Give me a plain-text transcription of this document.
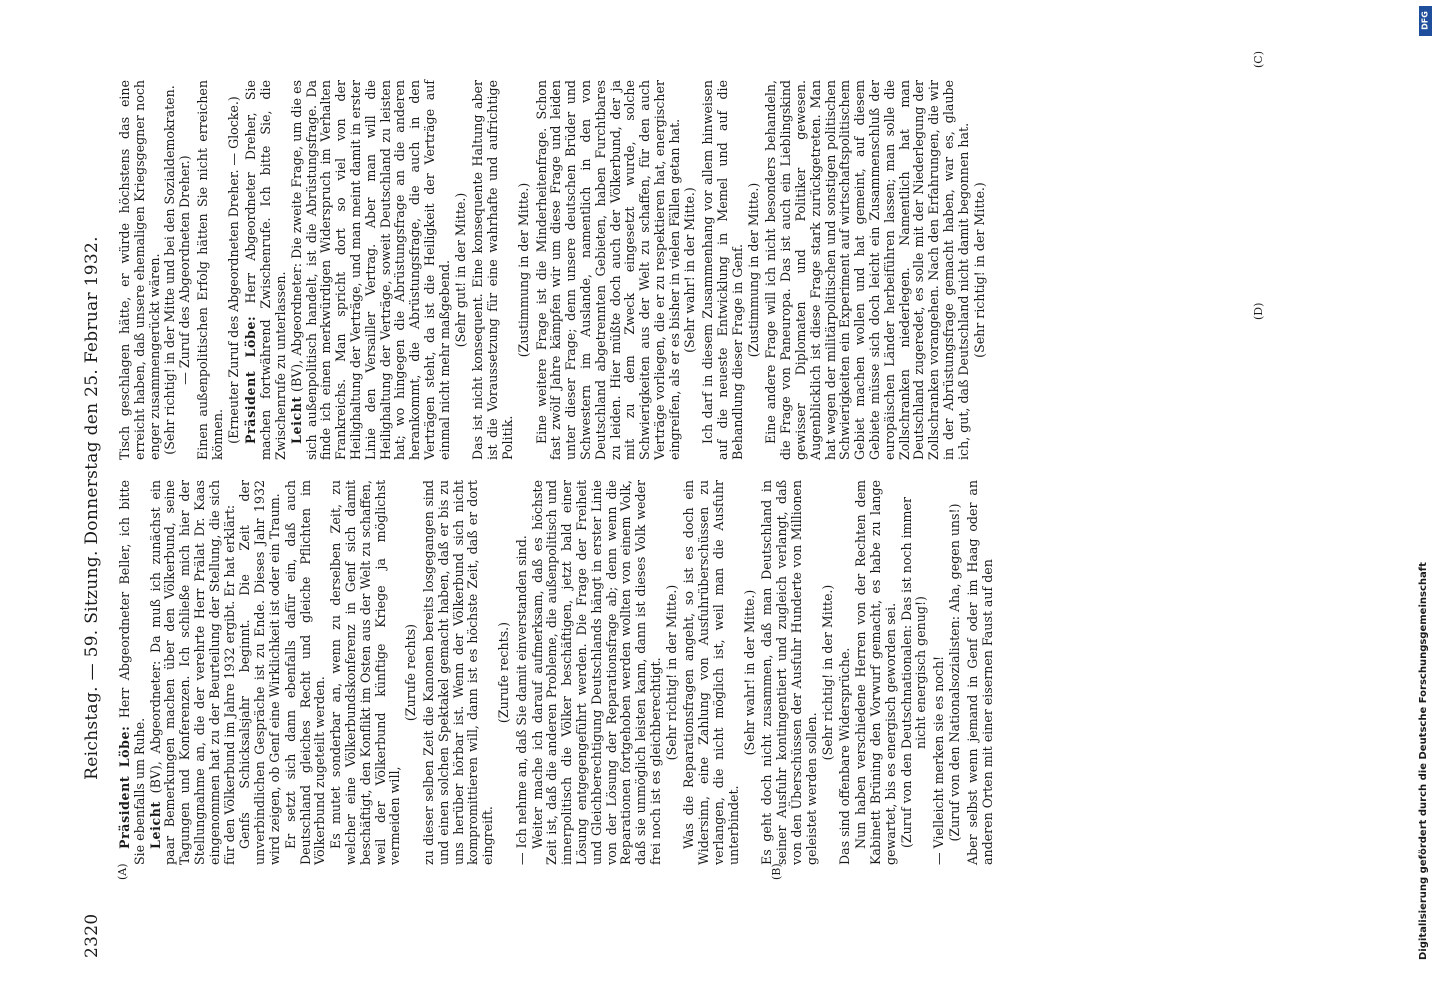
2320
Reichstag. — 59. Sitzung. Donnerstag den 25. Februar 1932.
(A)	(B)
(C)
(D)

Präsident Löbe: Herr Abgeordneter Beller, ich bitte Sie ebenfalls um Ruhe. Leicht (BV), Abgeordneter: Da muß ich zunächst ein paar Bemerkungen machen über den Völkerbund, seine Tagungen und Konferenzen. Ich schließe mich hier der Stellungnahme an, die der verehrte Herr Prälat Dr. Kaas eingenommen hat zu der Beurteilung der Stellung, die sich für den Völkerbund im Jahre 1932 ergibt. Er hat erklärt: Genfs Schicksalsjahr beginnt. Die Zeit der unverbindlichen Gespräche ist zu Ende. Dieses Jahr 1932 wird zeigen, ob Genf eine Wirklichkeit ist oder ein Traum. Er setzt sich dann ebenfalls dafür ein, daß auch Deutschland gleiches Recht und gleiche Pflichten im Völkerbund zugeteilt werden. Es mutet sonderbar an, wenn zu derselben Zeit, zu welcher eine Völkerbundskonferenz in Genf sich damit beschäftigt, den Konflikt im Osten aus der Welt zu schaffen, weil der Völkerbund künftige Kriege ja möglichst vermeiden will,

(Zurufe rechts) zu dieser selben Zeit die Kanonen bereits losgegangen sind und einen solchen Spektakel gemacht haben, daß er bis zu uns herüber hörbar ist. Wenn der Völkerbund sich nicht kompromittieren will, dann ist es höchste Zeit, daß er dort eingreift.

(Zurufe rechts.) — Ich nehme an, daß Sie damit einverstanden sind. Weiter mache ich darauf aufmerksam, daß es höchste Zeit ist, daß die anderen Probleme, die außenpolitisch und innerpolitisch die Völker beschäftigen, jetzt bald einer Lösung entgegengeführt werden. Die Frage der Freiheit und Gleichberechtigung Deutschlands hängt in erster Linie von der Lösung der Reparationsfrage ab; denn wenn die Reparationen fortgehoben werden wollten von einem Volk, daß sie unmöglich leisten kann, dann ist dieses Volk weder frei noch ist es gleichberechtigt. (Sehr richtig! in der Mitte.) Was die Reparationsfragen angeht, so ist es doch ein Widersinn, eine Zahlung von Ausfuhrüberschüssen zu verlangen, die nicht möglich ist, weil man die Ausfuhr unterbindet.

(Sehr wahr! in der Mitte.) Es geht doch nicht zusammen, daß man Deutschland in seiner Ausfuhr kontingentiert und zugleich verlangt, daß von den Überschüssen der Ausfuhr Hunderte von Millionen geleistet werden sollen.

(Sehr richtig! in der Mitte.) Das sind offenbare Widersprüche. Nun haben verschiedene Herren von der Rechten dem Kabinett Brüning den Vorwurf gemacht, es habe zu lange gewartet, bis es energisch geworden sei. (Zuruf von den Deutschnationalen: Das ist noch immer nicht energisch genug!) — Vielleicht merken sie es noch! (Zuruf von den Nationalsozialisten: Aha, gegen uns!) Aber selbst wenn jemand in Genf oder im Haag oder an anderen Orten mit einer eisernen Faust auf den

Tisch geschlagen hätte, er würde höchstens das eine erreicht haben, daß unsere ehemaligen Kriegsgegner noch enger zusammengerückt wären. (Sehr richtig! in der Mitte und bei den Sozialdemokraten. — Zuruf des Abgeordneten Dreher.) Einen außenpolitischen Erfolg hätten Sie nicht erreichen können. (Erneuter Zuruf des Abgeordneten Dreher. — Glocke.) Präsident Löbe: Herr Abgeordneter Dreher, Sie machen fortwährend Zwischenrufe. Ich bitte Sie, die Zwischenrufe zu unterlassen. Leicht (BV), Abgeordneter: Die zweite Frage, um die es sich außenpolitisch handelt, ist die Abrüstungsfrage. Da finde ich einen merkwürdigen Widerspruch im Verhalten Frankreichs. Man spricht dort so viel von der Heilighaltung der Verträge, und man meint damit in erster Linie den Versailler Vertrag. Aber man will die Heilighaltung der Verträge, soweit Deutschland zu leisten hat; wo hingegen die Abrüstungsfrage an die anderen herankommt, die Abrüstungsfrage, die auch in den Verträgen steht, da ist die Heiligkeit der Verträge auf einmal nicht mehr maßgebend. (Sehr gut! in der Mitte.) Das ist nicht konsequent. Eine konsequente Haltung aber ist die Voraussetzung für eine wahrhafte und aufrichtige Politik.

(Zustimmung in der Mitte.) Eine weitere Frage ist die Minderheitenfrage. Schon fast zwölf Jahre kämpfen wir um diese Frage und leiden unter dieser Frage; denn unsere deutschen Brüder und Schwestern im Auslande, namentlich in den von Deutschland abgetrennten Gebieten, haben Furchtbares zu leiden. Hier müßte doch auch der Völkerbund, der ja mit zu dem Zweck eingesetzt wurde, solche Schwierigkeiten aus der Welt zu schaffen, für den auch Verträge vorliegen, die er zu respektieren hat, energischer eingreifen, als er es bisher in vielen Fällen getan hat. (Sehr wahr! in der Mitte.) Ich darf in diesem Zusammenhang vor allem hinweisen auf die neueste Entwicklung in Memel und auf die Behandlung dieser Frage in Genf. (Zustimmung in der Mitte.) Eine andere Frage will ich nicht besonders behandeln, die Frage von Paneuropa. Das ist auch ein Lieblingskind gewisser Diplomaten und Politiker gewesen. Augenblicklich ist diese Frage stark zurückgetreten. Man hat wegen der militärpolitischen und sonstigen politischen Schwierigkeiten ein Experiment auf wirtschaftspolitischem Gebiet machen wollen und hat gemeint, auf diesem Gebiete müsse sich doch leicht ein Zusammenschluß der europäischen Länder herbeiführen lassen; man solle die Zollschranken niederlegen. Namentlich hat man Deutschland zugeredet, es solle mit der Niederlegung der Zollschranken vorangehen. Nach den Erfahrungen, die wir in der Abrüstungsfrage gemacht haben, war es, glaube ich, gut, daß Deutschland nicht damit begonnen hat. (Sehr richtig! in der Mitte.)

Digitalisierung gefördert durch die Deutsche Forschungsgemeinschaft
DFG
